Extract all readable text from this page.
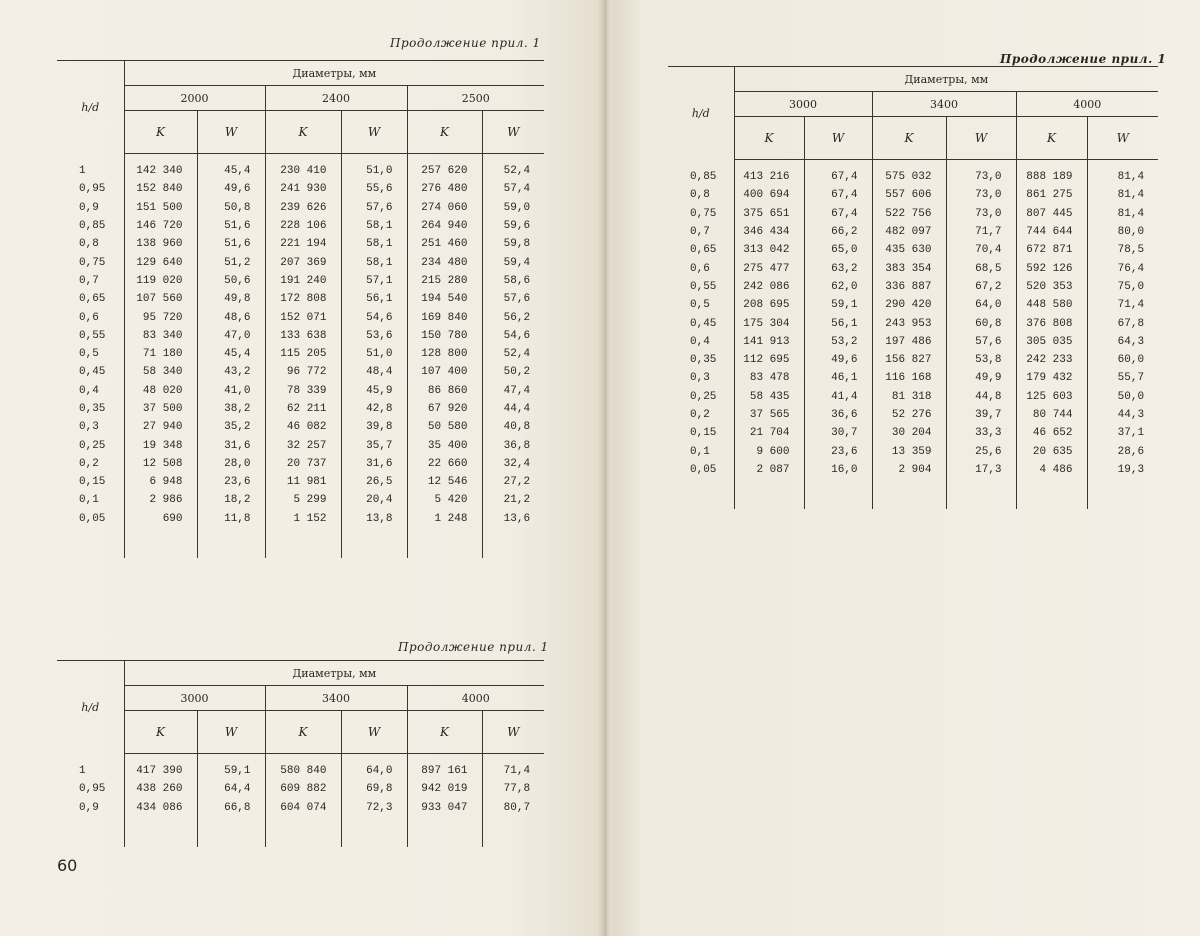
Продолжение прил. 1
Продолжение прил. 1
Продолжение прил. 1
60
h/d	Диаметры, мм					
	2000		2400		2500	
	K	W	K	W	K	W
1	142 340	45,4	230 410	51,0	257 620	52,4
0,95	152 840	49,6	241 930	55,6	276 480	57,4
0,9	151 500	50,8	239 626	57,6	274 060	59,0
0,85	146 720	51,6	228 106	58,1	264 940	59,6
0,8	138 960	51,6	221 194	58,1	251 460	59,8
0,75	129 640	51,2	207 369	58,1	234 480	59,4
0,7	119 020	50,6	191 240	57,1	215 280	58,6
0,65	107 560	49,8	172 808	56,1	194 540	57,6
0,6	95 720	48,6	152 071	54,6	169 840	56,2
0,55	83 340	47,0	133 638	53,6	150 780	54,6
0,5	71 180	45,4	115 205	51,0	128 800	52,4
0,45	58 340	43,2	96 772	48,4	107 400	50,2
0,4	48 020	41,0	78 339	45,9	86 860	47,4
0,35	37 500	38,2	62 211	42,8	67 920	44,4
0,3	27 940	35,2	46 082	39,8	50 580	40,8
0,25	19 348	31,6	32 257	35,7	35 400	36,8
0,2	12 508	28,0	20 737	31,6	22 660	32,4
0,15	6 948	23,6	11 981	26,5	12 546	27,2
0,1	2 986	18,2	5 299	20,4	5 420	21,2
0,05	690	11,8	1 152	13,8	1 248	13,6

h/d	Диаметры, мм					
	3000		3400		4000	
	K	W	K	W	K	W
1	417 390	59,1	580 840	64,0	897 161	71,4
0,95	438 260	64,4	609 882	69,8	942 019	77,8
0,9	434 086	66,8	604 074	72,3	933 047	80,7

h/d	Диаметры, мм					
	3000		3400		4000	
	K	W	K	W	K	W
0,85	413 216	67,4	575 032	73,0	888 189	81,4
0,8	400 694	67,4	557 606	73,0	861 275	81,4
0,75	375 651	67,4	522 756	73,0	807 445	81,4
0,7	346 434	66,2	482 097	71,7	744 644	80,0
0,65	313 042	65,0	435 630	70,4	672 871	78,5
0,6	275 477	63,2	383 354	68,5	592 126	76,4
0,55	242 086	62,0	336 887	67,2	520 353	75,0
0,5	208 695	59,1	290 420	64,0	448 580	71,4
0,45	175 304	56,1	243 953	60,8	376 808	67,8
0,4	141 913	53,2	197 486	57,6	305 035	64,3
0,35	112 695	49,6	156 827	53,8	242 233	60,0
0,3	83 478	46,1	116 168	49,9	179 432	55,7
0,25	58 435	41,4	81 318	44,8	125 603	50,0
0,2	37 565	36,6	52 276	39,7	80 744	44,3
0,15	21 704	30,7	30 204	33,3	46 652	37,1
0,1	9 600	23,6	13 359	25,6	20 635	28,6
0,05	2 087	16,0	2 904	17,3	4 486	19,3
